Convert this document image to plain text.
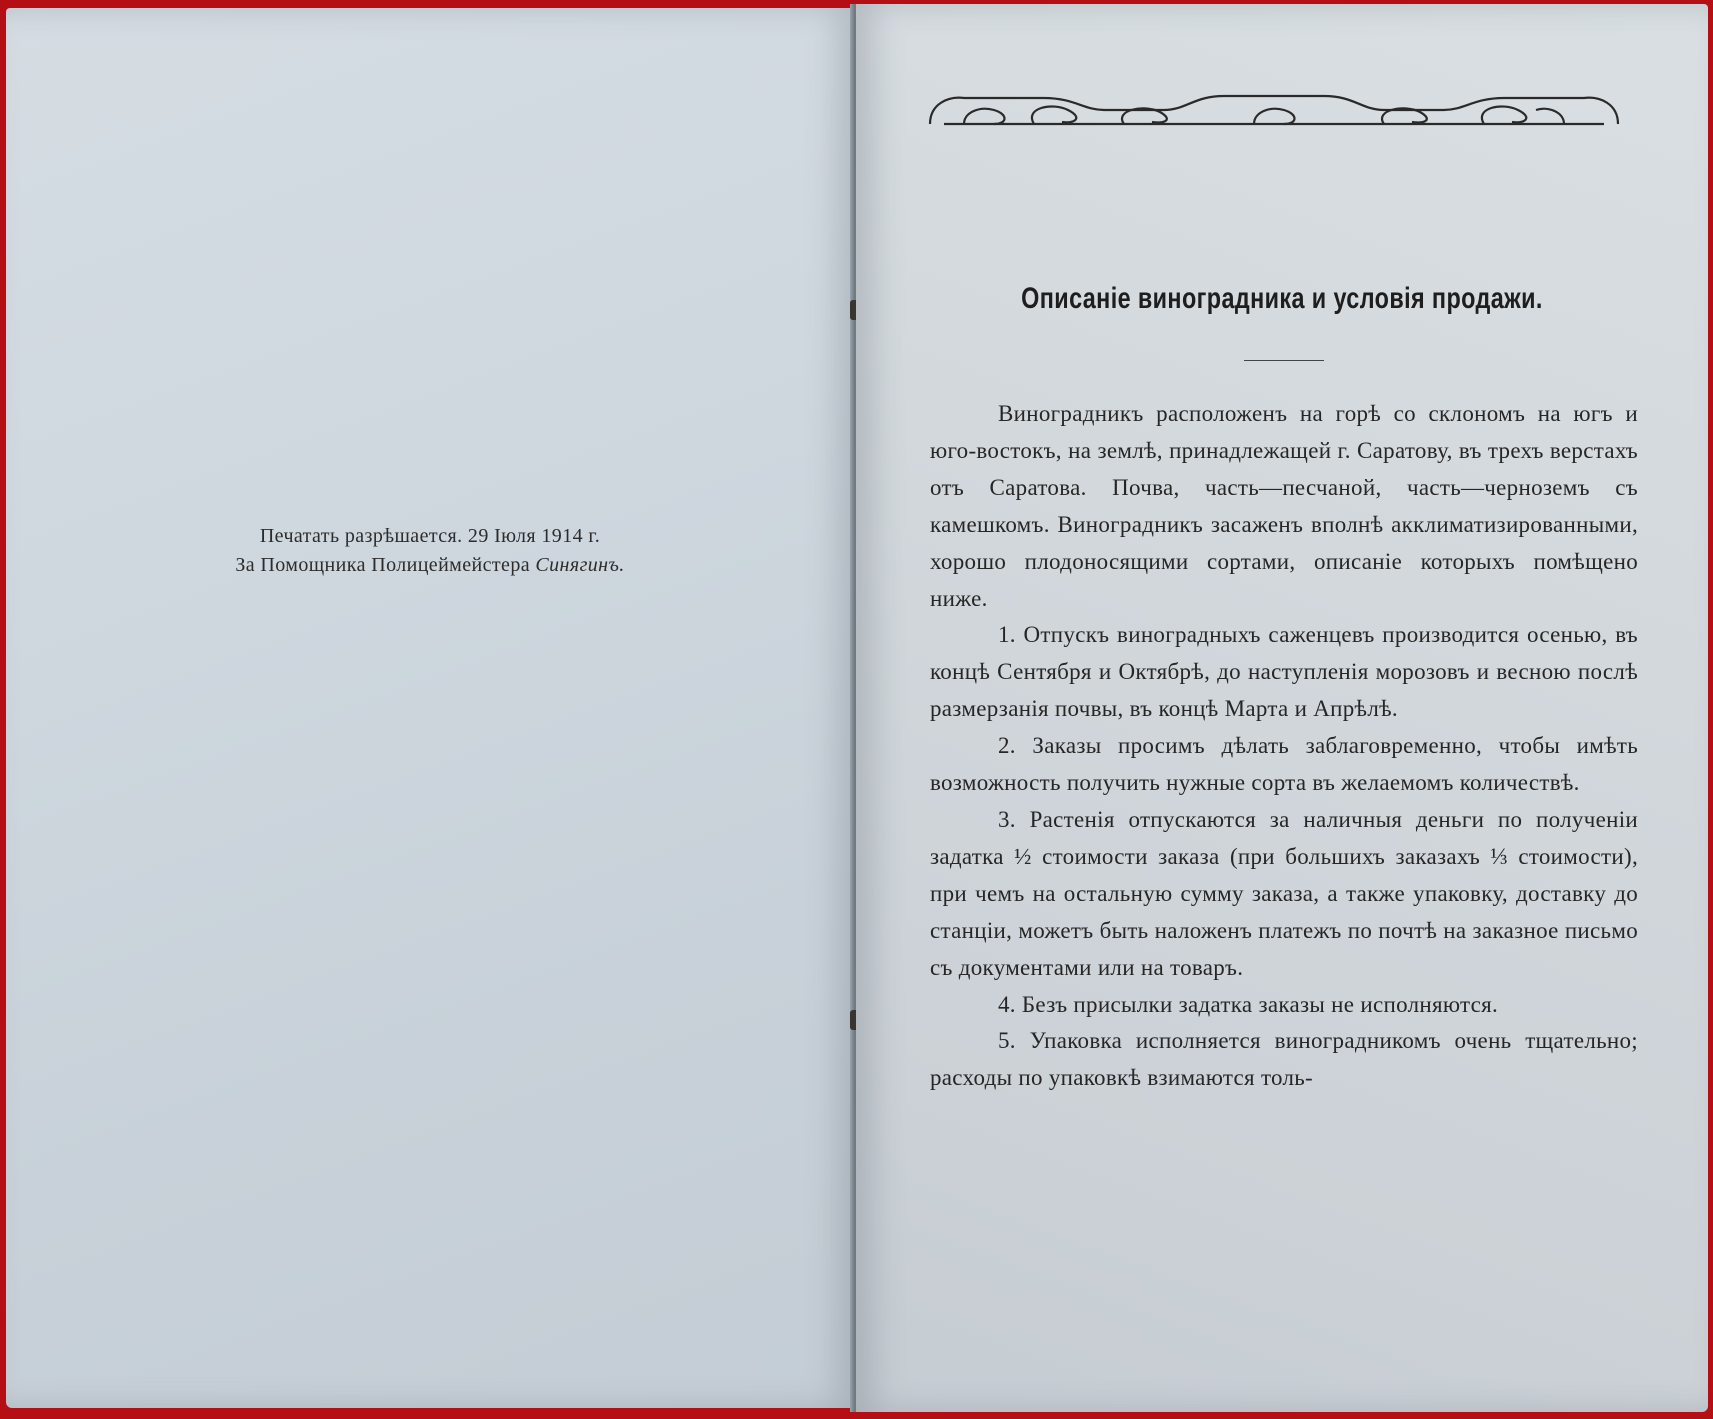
Печатать разрѣшается. 29 Іюля 1914 г.
За Помощника Полицеймейстера Синягинъ.
Описаніе виноградника и условія продажи.

Виноградникъ расположенъ на горѣ со склономъ на югъ и юго-востокъ, на землѣ, принадлежащей г. Саратову, въ трехъ верстахъ отъ Саратова. Почва, часть—песчаной, часть—черноземъ съ камешкомъ. Виноградникъ засаженъ вполнѣ акклиматизированными, хорошо плодоносящими сортами, описаніе которыхъ помѣщено ниже.

1. Отпускъ виноградныхъ саженцевъ производится осенью, въ концѣ Сентября и Октябрѣ, до наступленія морозовъ и весною послѣ размерзанія почвы, въ концѣ Марта и Апрѣлѣ.

2. Заказы просимъ дѣлать заблаговременно, чтобы имѣть возможность получить нужные сорта въ желаемомъ количествѣ.

3. Растенія отпускаются за наличныя деньги по полученіи задатка ½ стоимости заказа (при большихъ заказахъ ⅓ стоимости), при чемъ на остальную сумму заказа, а также упаковку, доставку до станціи, можетъ быть наложенъ платежъ по почтѣ на заказное письмо съ документами или на товаръ.

4. Безъ присылки задатка заказы не исполняются.

5. Упаковка исполняется виноградникомъ очень тщательно; расходы по упаковкѣ взимаются толь-
